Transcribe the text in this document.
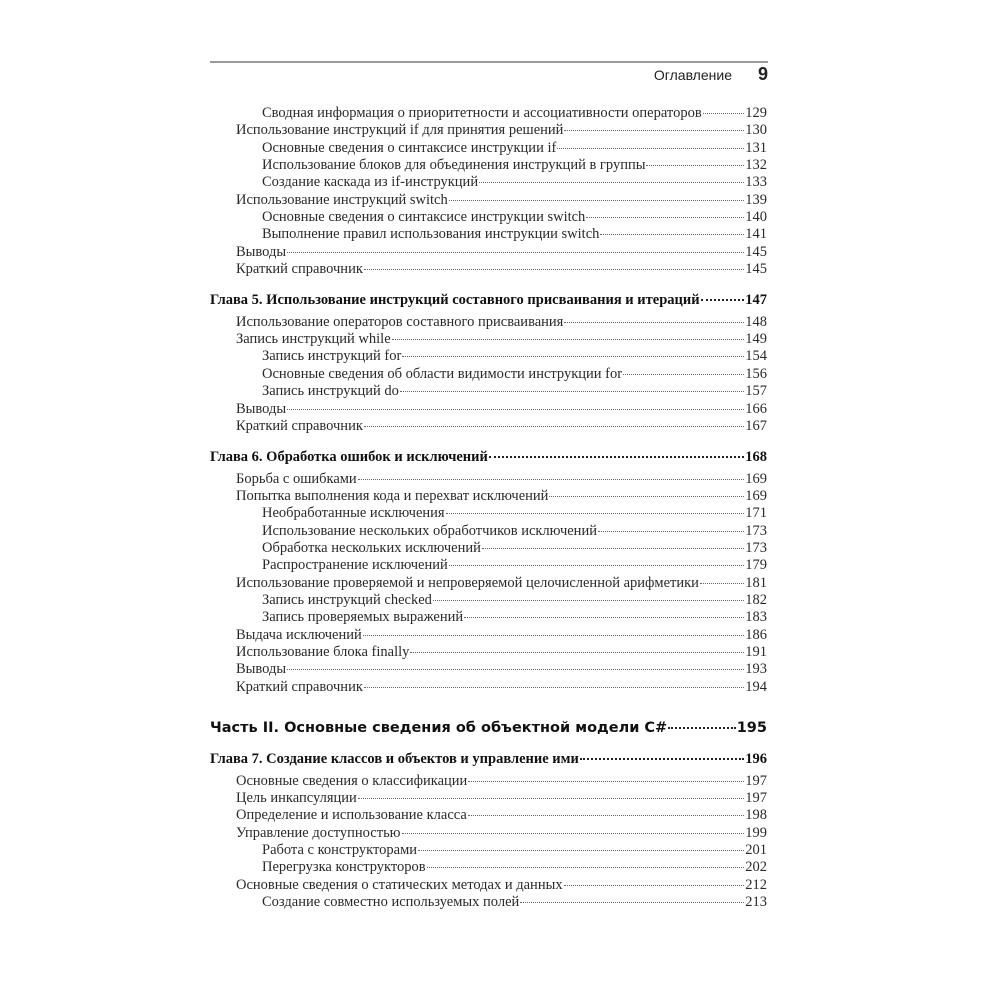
Оглавление 9
Сводная информация о приоритетности и ассоциативности операторов	129
Использование инструкций if для принятия решений	130
Основные сведения о синтаксисе инструкции if	131
Использование блоков для объединения инструкций в группы	132
Создание каскада из if-инструкций	133
Использование инструкций switch	139
Основные сведения о синтаксисе инструкции switch	140
Выполнение правил использования инструкции switch	141
Выводы	145
Краткий справочник	145
Глава 5. Использование инструкций составного присваивания и итераций	147
Использование операторов составного присваивания	148
Запись инструкций while	149
Запись инструкций for	154
Основные сведения об области видимости инструкции for	156
Запись инструкций do	157
Выводы	166
Краткий справочник	167
Глава 6. Обработка ошибок и исключений	168
Борьба с ошибками	169
Попытка выполнения кода и перехват исключений	169
Необработанные исключения	171
Использование нескольких обработчиков исключений	173
Обработка нескольких исключений	173
Распространение исключений	179
Использование проверяемой и непроверяемой целочисленной арифметики	181
Запись инструкций checked	182
Запись проверяемых выражений	183
Выдача исключений	186
Использование блока finally	191
Выводы	193
Краткий справочник	194
Часть II. Основные сведения об объектной модели C#	195
Глава 7. Создание классов и объектов и управление ими	196
Основные сведения о классификации	197
Цель инкапсуляции	197
Определение и использование класса	198
Управление доступностью	199
Работа с конструкторами	201
Перегрузка конструкторов	202
Основные сведения о статических методах и данных	212
Создание совместно используемых полей	213
